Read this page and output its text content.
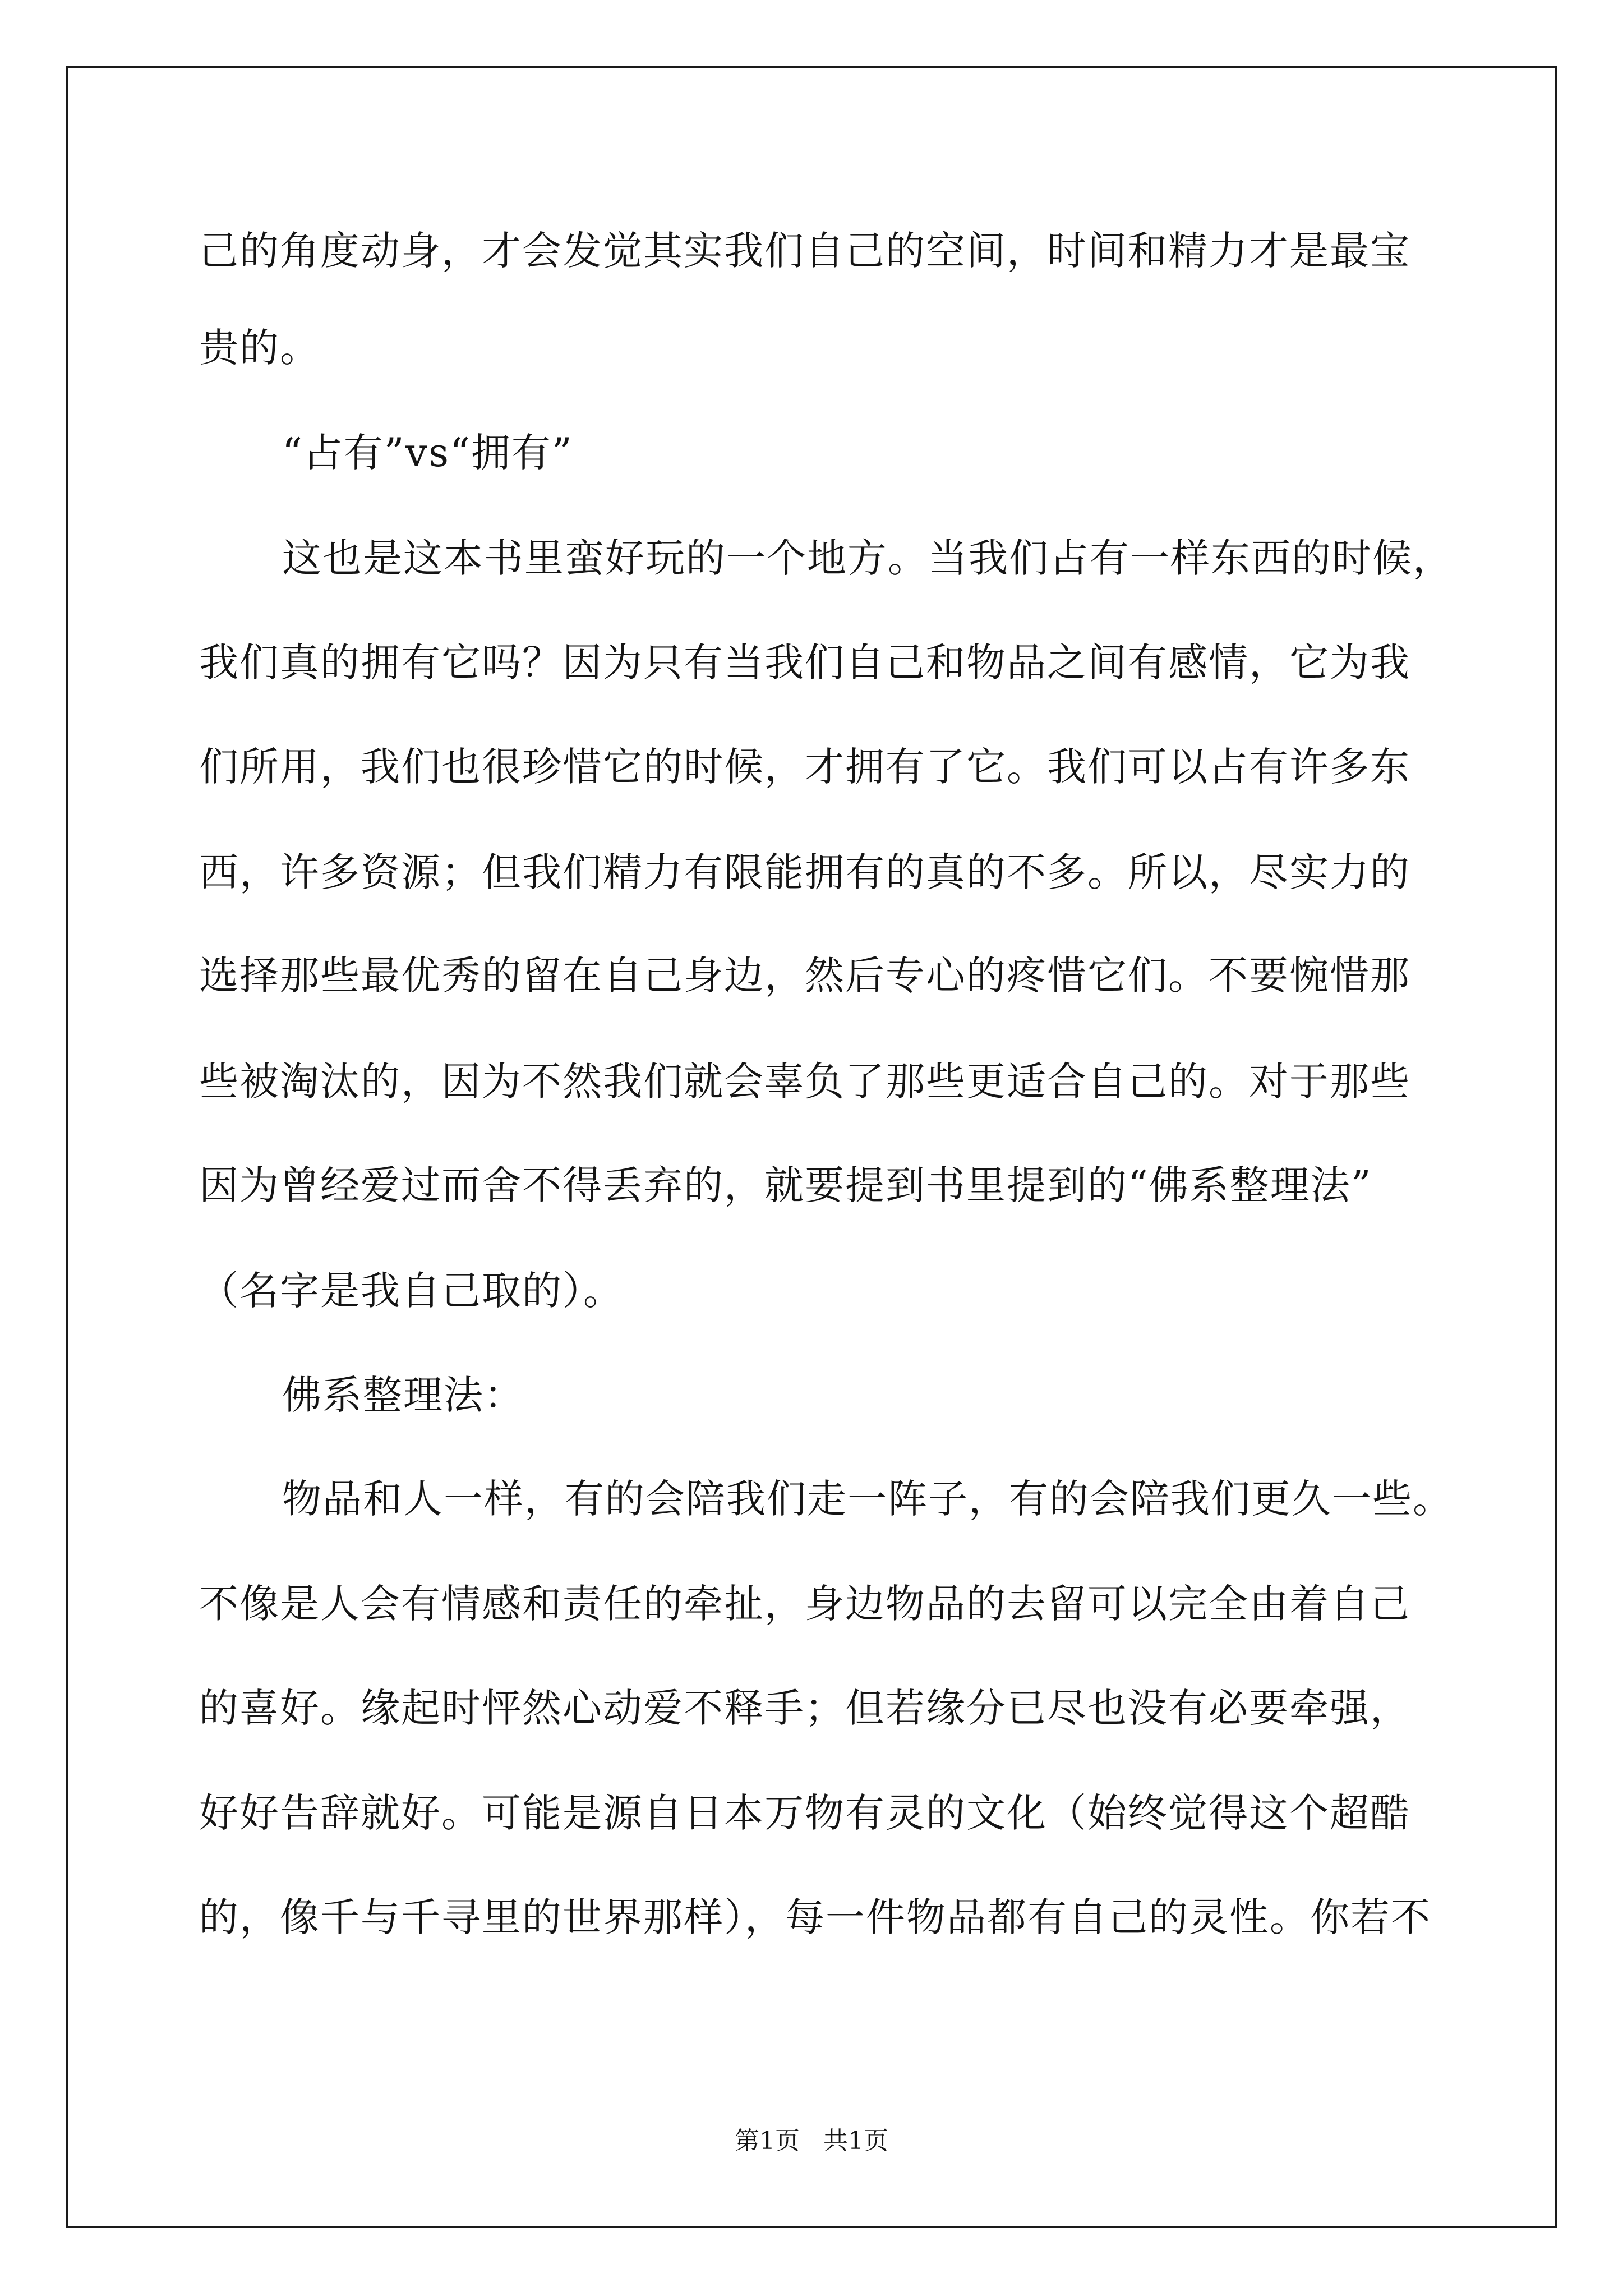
己的角度动身，才会发觉其实我们自己的空间，时间和精力才是最宝
贵的。
“占有”vs“拥有”
这也是这本书里蛮好玩的一个地方。当我们占有一样东西的时候，
我们真的拥有它吗？因为只有当我们自己和物品之间有感情，它为我
们所用，我们也很珍惜它的时候，才拥有了它。我们可以占有许多东
西，许多资源；但我们精力有限能拥有的真的不多。所以，尽实力的
选择那些最优秀的留在自己身边，然后专心的疼惜它们。不要惋惜那
些被淘汰的，因为不然我们就会辜负了那些更适合自己的。对于那些
因为曾经爱过而舍不得丢弃的，就要提到书里提到的“佛系整理法”
（名字是我自己取的）。
佛系整理法：
物品和人一样，有的会陪我们走一阵子，有的会陪我们更久一些。
不像是人会有情感和责任的牵扯，身边物品的去留可以完全由着自己
的喜好。缘起时怦然心动爱不释手；但若缘分已尽也没有必要牵强，
好好告辞就好。可能是源自日本万物有灵的文化（始终觉得这个超酷
的，像千与千寻里的世界那样），每一件物品都有自己的灵性。你若不
第1页   共1页
